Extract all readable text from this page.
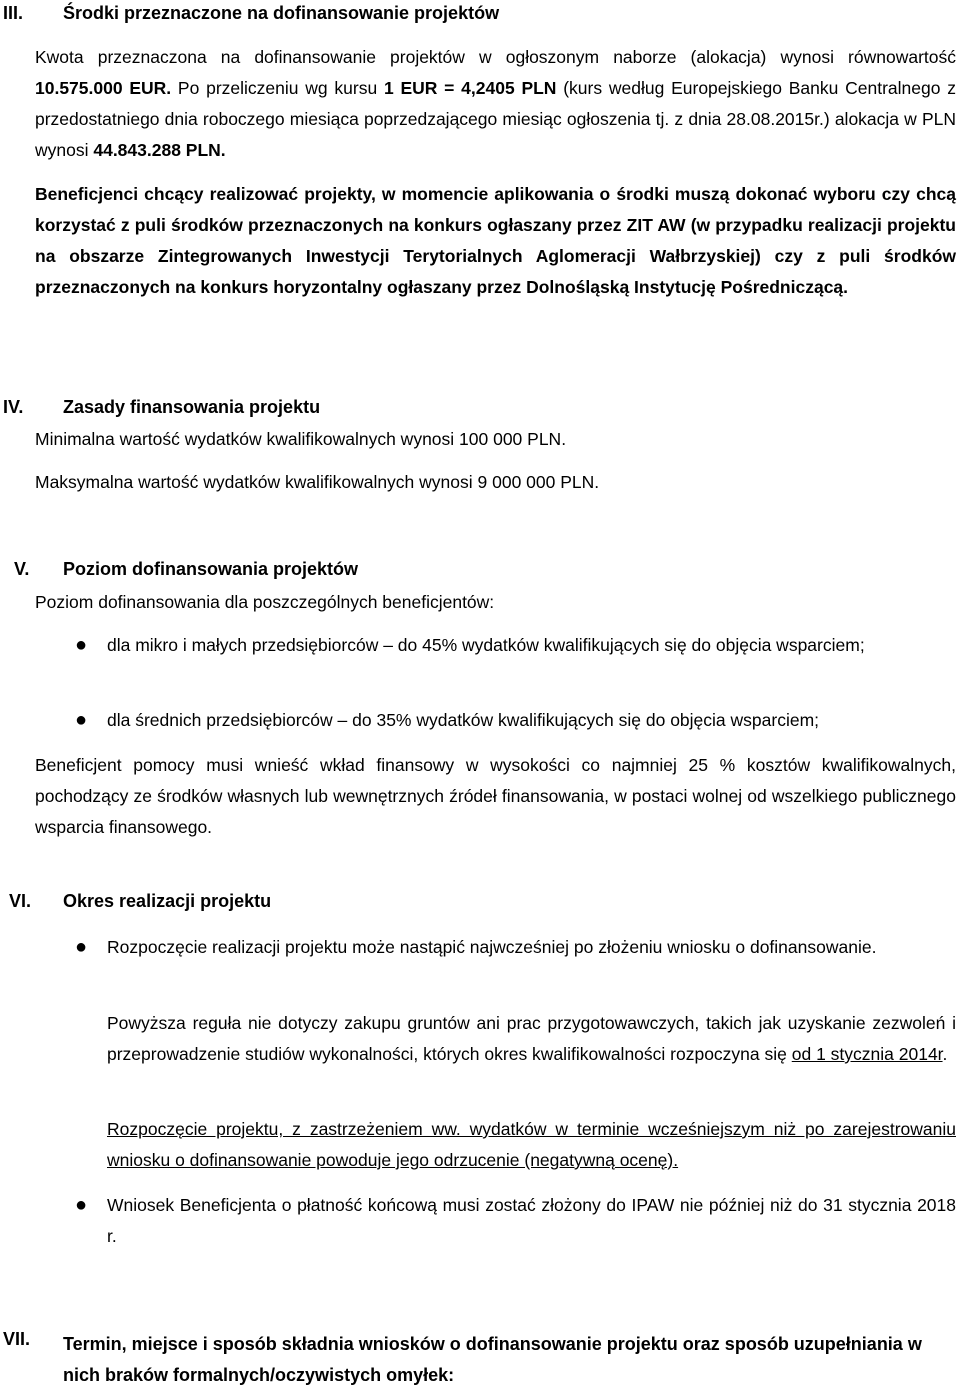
III.	Środki przeznaczone na dofinansowanie projektów
Kwota przeznaczona na dofinansowanie projektów w ogłoszonym naborze (alokacja) wynosi równowartość 10.575.000 EUR. Po przeliczeniu wg kursu 1 EUR = 4,2405 PLN (kurs według Europejskiego Banku Centralnego z przedostatniego dnia roboczego miesiąca poprzedzającego miesiąc ogłoszenia tj. z dnia 28.08.2015r.) alokacja w PLN wynosi 44.843.288 PLN.
Beneficjenci chcący realizować projekty, w momencie aplikowania o środki muszą dokonać wyboru czy chcą korzystać z puli środków przeznaczonych na konkurs ogłaszany przez ZIT AW (w przypadku realizacji projektu na obszarze Zintegrowanych Inwestycji Terytorialnych Aglomeracji Wałbrzyskiej) czy z puli środków przeznaczonych na konkurs horyzontalny ogłaszany przez Dolnośląską Instytucję Pośredniczącą.
IV.	Zasady finansowania projektu
Minimalna wartość wydatków kwalifikowalnych wynosi 100 000 PLN.
Maksymalna wartość wydatków kwalifikowalnych wynosi 9 000 000 PLN.
V.	Poziom dofinansowania projektów
Poziom dofinansowania dla poszczególnych beneficjentów:
● dla mikro i małych przedsiębiorców – do 45% wydatków kwalifikujących się do objęcia wsparciem;
● dla średnich przedsiębiorców – do 35% wydatków kwalifikujących się do objęcia wsparciem;
Beneficjent pomocy musi wnieść wkład finansowy w wysokości co najmniej 25 % kosztów kwalifikowalnych, pochodzący ze środków własnych lub wewnętrznych źródeł finansowania, w postaci wolnej od wszelkiego publicznego wsparcia finansowego.
VI.	Okres realizacji projektu
● Rozpoczęcie realizacji projektu może nastąpić najwcześniej po złożeniu wniosku o dofinansowanie.
Powyższa reguła nie dotyczy zakupu gruntów ani prac przygotowawczych, takich jak uzyskanie zezwoleń i przeprowadzenie studiów wykonalności, których okres kwalifikowalności rozpoczyna się od 1 stycznia 2014r.
Rozpoczęcie projektu, z zastrzeżeniem ww. wydatków w terminie wcześniejszym niż po zarejestrowaniu wniosku o dofinansowanie powoduje jego odrzucenie (negatywną ocenę).
● Wniosek Beneficjenta o płatność końcową musi zostać złożony do IPAW nie później niż do 31 stycznia 2018 r.
VII.	Termin, miejsce i sposób składnia wniosków o dofinansowanie projektu oraz sposób uzupełniania w nich braków formalnych/oczywistych omyłek:
